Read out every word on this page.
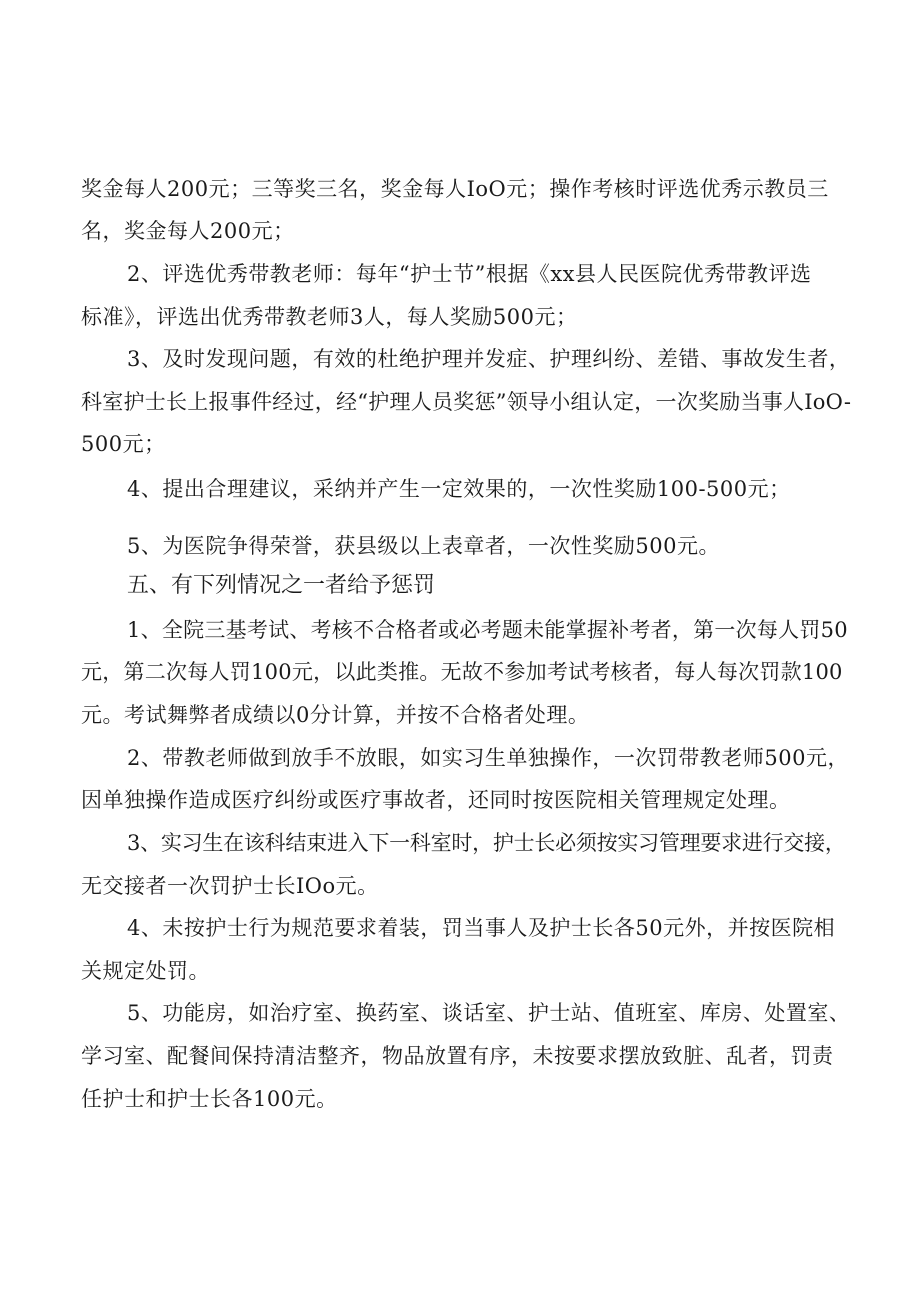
奖金每人200元；三等奖三名，奖金每人IoO元；操作考核时评选优秀示教员三
名，奖金每人200元；
2、评选优秀带教老师：每年“护士节”根据《xx县人民医院优秀带教评选
标准》，评选出优秀带教老师3人，每人奖励500元；
3、及时发现问题，有效的杜绝护理并发症、护理纠纷、差错、事故发生者，
科室护士长上报事件经过，经“护理人员奖惩”领导小组认定，一次奖励当事人IoO-
500元；
4、提出合理建议，采纳并产生一定效果的，一次性奖励100-500元；
5、为医院争得荣誉，获县级以上表章者，一次性奖励500元。
五、有下列情况之一者给予惩罚
1、全院三基考试、考核不合格者或必考题未能掌握补考者，第一次每人罚50
元，第二次每人罚100元，以此类推。无故不参加考试考核者，每人每次罚款100
元。考试舞弊者成绩以0分计算，并按不合格者处理。
2、带教老师做到放手不放眼，如实习生单独操作，一次罚带教老师500元，
因单独操作造成医疗纠纷或医疗事故者，还同时按医院相关管理规定处理。
3、实习生在该科结束进入下一科室时，护士长必须按实习管理要求进行交接，
无交接者一次罚护士长IOo元。
4、未按护士行为规范要求着装，罚当事人及护士长各50元外，并按医院相
关规定处罚。
5、功能房，如治疗室、换药室、谈话室、护士站、值班室、库房、处置室、
学习室、配餐间保持清洁整齐，物品放置有序，未按要求摆放致脏、乱者，罚责
任护士和护士长各100元。
